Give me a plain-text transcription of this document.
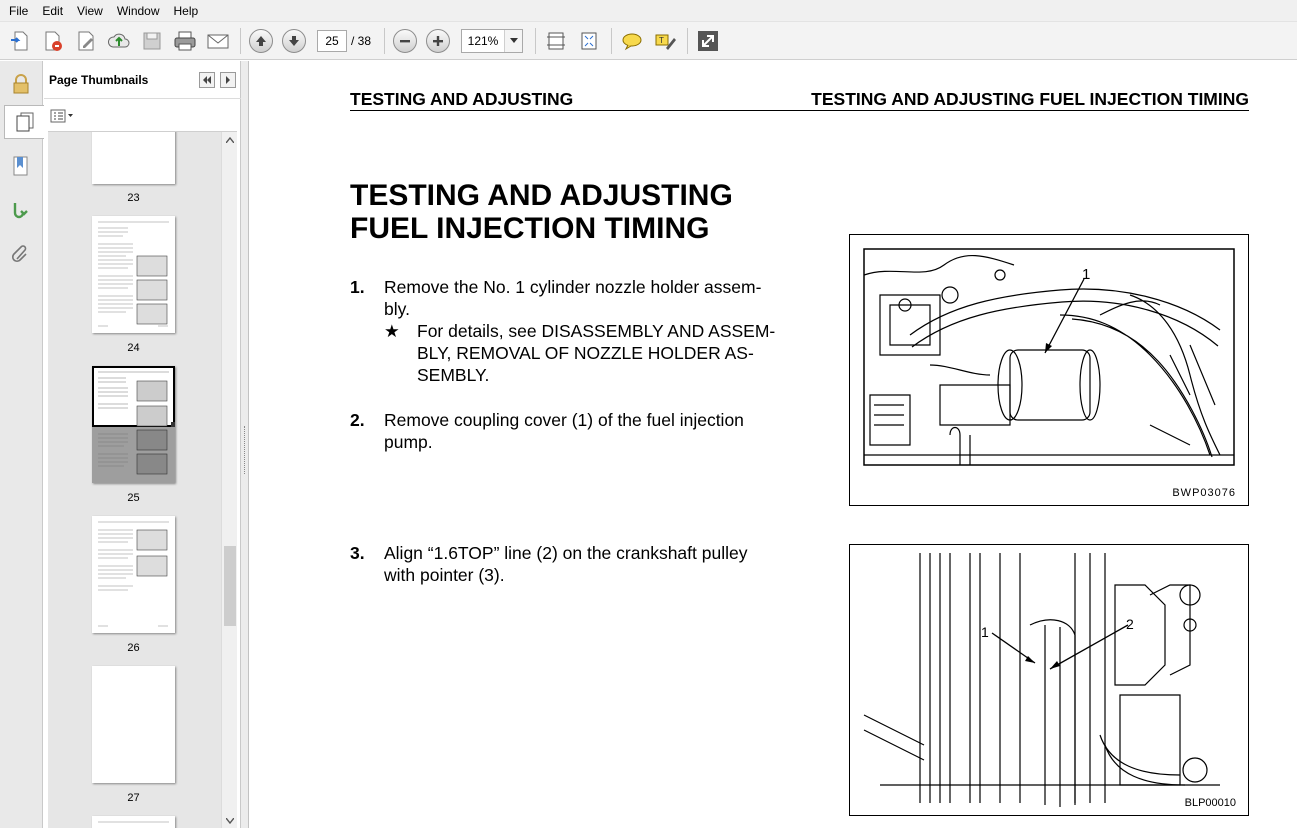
File	Edit	View	Window	Help
25
/ 38	121%	T
Page Thumbnails
23
24
25
26
27
TESTING AND ADJUSTING	TESTING AND ADJUSTING FUEL INJECTION TIMING
TESTING AND ADJUSTING
FUEL INJECTION TIMING
1. Remove the No. 1 cylinder nozzle holder assem-
bly.
★ For details, see DISASSEMBLY AND ASSEM-
BLY, REMOVAL OF NOZZLE HOLDER AS-
SEMBLY.
2. Remove coupling cover (1) of the fuel injection
pump.
3. Align “1.6TOP” line (2) on the crankshaft pulley
with pointer (3).
1
BWP03076
1	2
BLP00010
